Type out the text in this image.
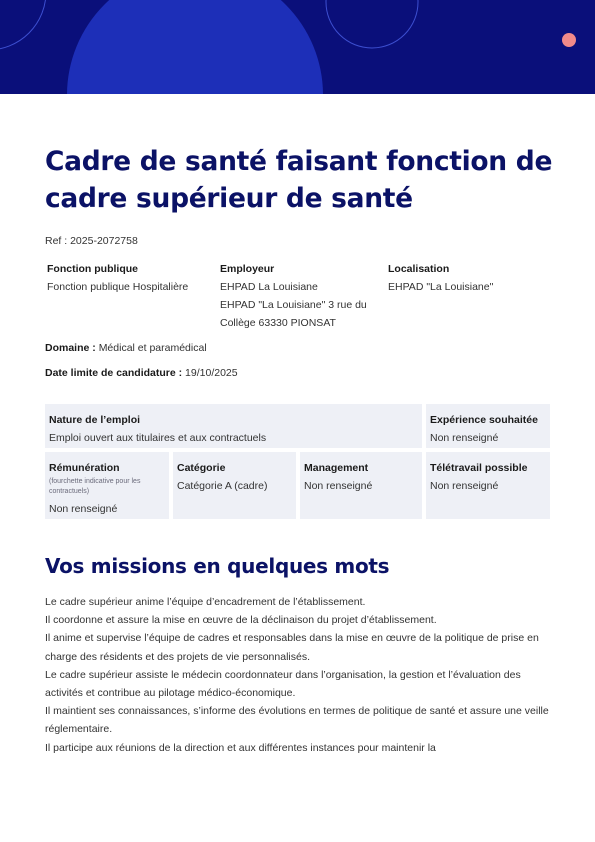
Cadre de santé faisant fonction de cadre supérieur de santé
Ref : 2025-2072758
Fonction publique
Fonction publique Hospitalière
Employeur
EHPAD La Louisiane
EHPAD "La Louisiane" 3 rue du Collège 63330 PIONSAT
Localisation
EHPAD "La Louisiane"
Domaine : Médical et paramédical
Date limite de candidature : 19/10/2025
Nature de l’emploi
Emploi ouvert aux titulaires et aux contractuels
Expérience souhaitée
Non renseigné
Rémunération
(fourchette indicative pour les contractuels)
Non renseigné
Catégorie
Catégorie A (cadre)
Management
Non renseigné
Télétravail possible
Non renseigné
Vos missions en quelques mots
Le cadre supérieur anime l’équipe d’encadrement de l’établissement.
Il coordonne et assure la mise en œuvre de la déclinaison du projet d’établissement.
Il anime et supervise l’équipe de cadres et responsables dans la mise en œuvre de la politique de prise en charge des résidents et des projets de vie personnalisés.
Le cadre supérieur assiste le médecin coordonnateur dans l’organisation, la gestion et l’évaluation des activités et contribue au pilotage médico-économique.
Il maintient ses connaissances, s’informe des évolutions en termes de politique de santé et assure une veille réglementaire.
Il participe aux réunions de la direction et aux différentes instances pour maintenir la
